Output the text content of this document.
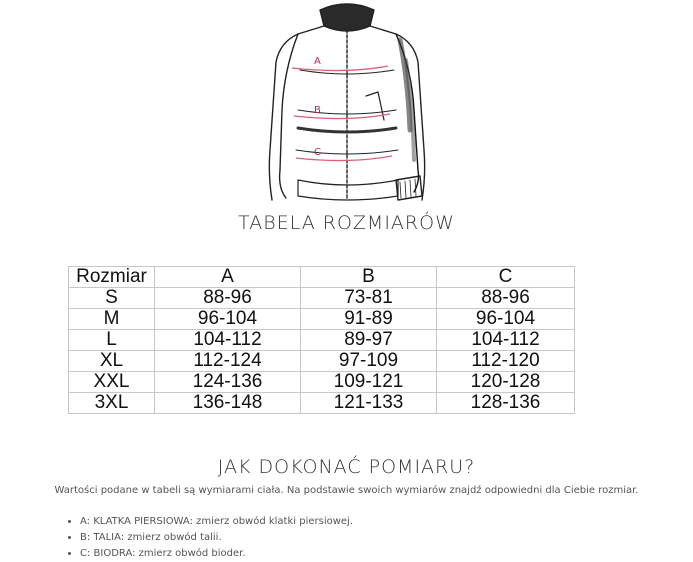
A
B
C
TABELA ROZMIARÓW
Rozmiar	A	B	C
S	88-96	73-81	88-96
M	96-104	91-89	96-104
L	104-112	89-97	104-112
XL	112-124	97-109	112-120
XXL	124-136	109-121	120-128
3XL	136-148	121-133	128-136
JAK DOKONAĆ POMIARU?
Wartości podane w tabeli są wymiarami ciała. Na podstawie swoich wymiarów znajdź odpowiedni dla Ciebie rozmiar.
• A: KLATKA PIERSIOWA: zmierz obwód klatki piersiowej.
• B: TALIA: zmierz obwód talii.
• C: BIODRA: zmierz obwód bioder.
